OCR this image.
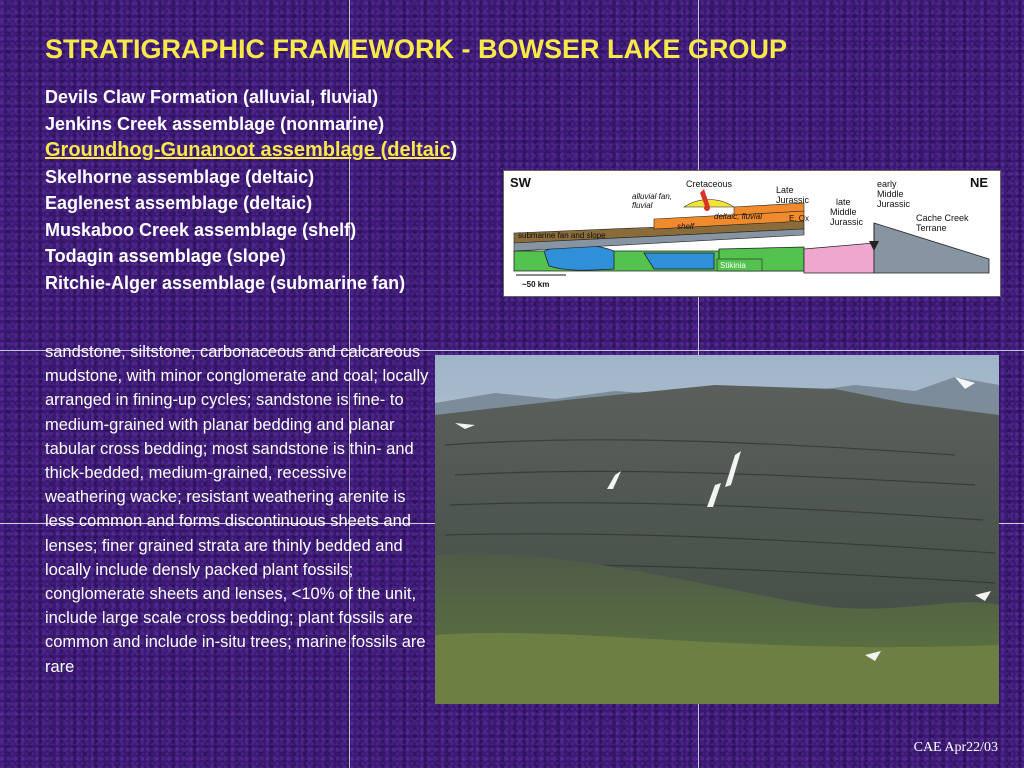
STRATIGRAPHIC FRAMEWORK - BOWSER LAKE GROUP
Devils Claw Formation (alluvial, fluvial)
Jenkins Creek assemblage (nonmarine)
Groundhog-Gunanoot assemblage (deltaic)
Skelhorne assemblage (deltaic)
Eaglenest assemblage (deltaic)
Muskaboo Creek assemblage (shelf)
Todagin assemblage (slope)
Ritchie-Alger assemblage (submarine fan)
SW	NE
Cretaceous
alluvial fan,
fluvial
Late
Jurassic
deltaic, fluvial	E. Ox
shelf
submarine fan and slope
early
Middle
Jurassic
late
Middle
Jurassic	Cache Creek
Terrane
Stikinia
~50 km
sandstone, siltstone, carbonaceous and calcareous mudstone, with minor conglomerate and coal; locally arranged in fining-up cycles; sandstone is fine- to medium-grained with planar bedding and planar tabular cross bedding; most sandstone is thin- and thick-bedded, medium-grained, recessive weathering wacke; resistant weathering arenite is less common and forms discontinuous sheets and lenses; finer grained strata are thinly bedded and locally include densly packed plant fossils; conglomerate sheets and lenses, <10% of the unit, include large scale cross bedding; plant fossils are common and include in-situ trees; marine fossils are rare
CAE Apr22/03
